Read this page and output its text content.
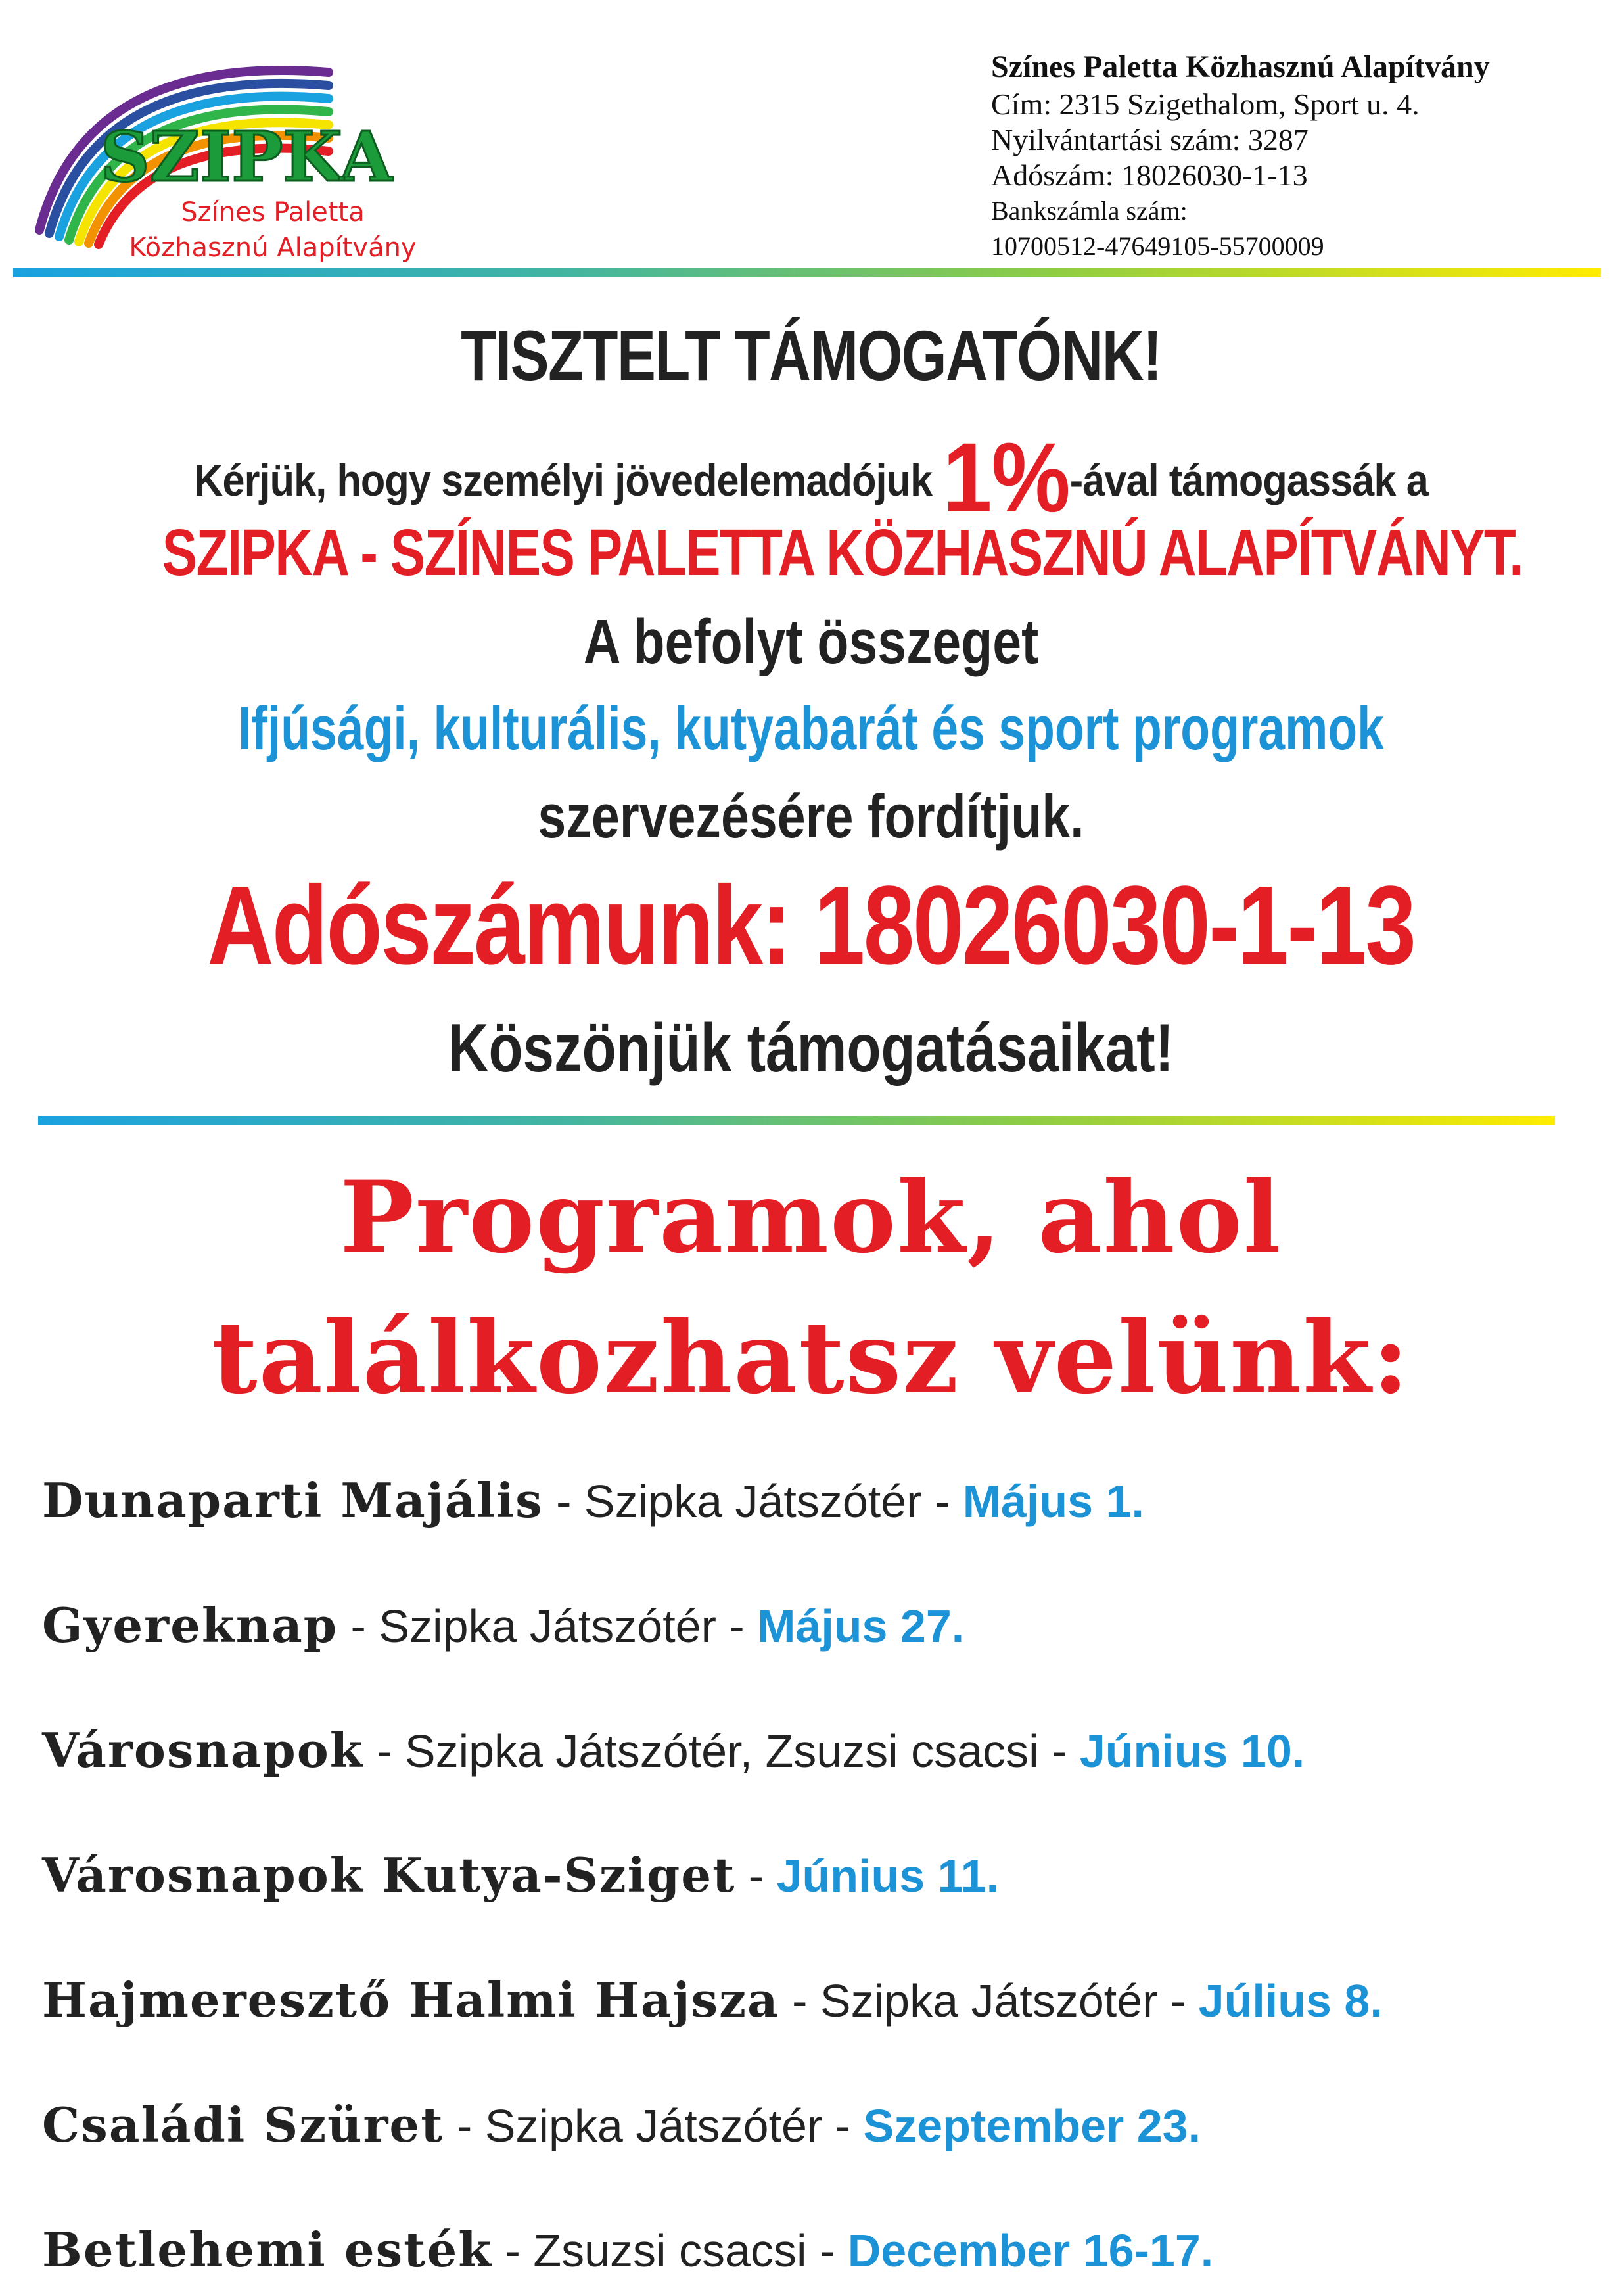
SZIPKA
Színes Paletta
Közhasznú Alapítvány
Színes Paletta Közhasznú Alapítvány
Cím: 2315 Szigethalom, Sport u. 4.
Nyilvántartási szám: 3287
Adószám: 18026030-1-13
Bankszámla szám:
10700512-47649105-55700009
TISZTELT TÁMOGATÓNK!
Kérjük, hogy személyi jövedelemadójuk 1%-ával támogassák a
SZIPKA - SZÍNES PALETTA KÖZHASZNÚ ALAPÍTVÁNYT.
A befolyt összeget
Ifjúsági, kulturális, kutyabarát és sport programok
szervezésére fordítjuk.
Adószámunk: 18026030-1-13
Köszönjük támogatásaikat!
Programok, ahol
találkozhatsz velünk:
Dunaparti Majális - Szipka Játszótér - Május 1.
Gyereknap - Szipka Játszótér - Május 27.
Városnapok - Szipka Játszótér, Zsuzsi csacsi - Június 10.
Városnapok Kutya-Sziget - Június 11.
Hajmeresztő Halmi Hajsza - Szipka Játszótér - Július 8.
Családi Szüret - Szipka Játszótér - Szeptember 23.
Betlehemi esték - Zsuzsi csacsi - December 16-17.
